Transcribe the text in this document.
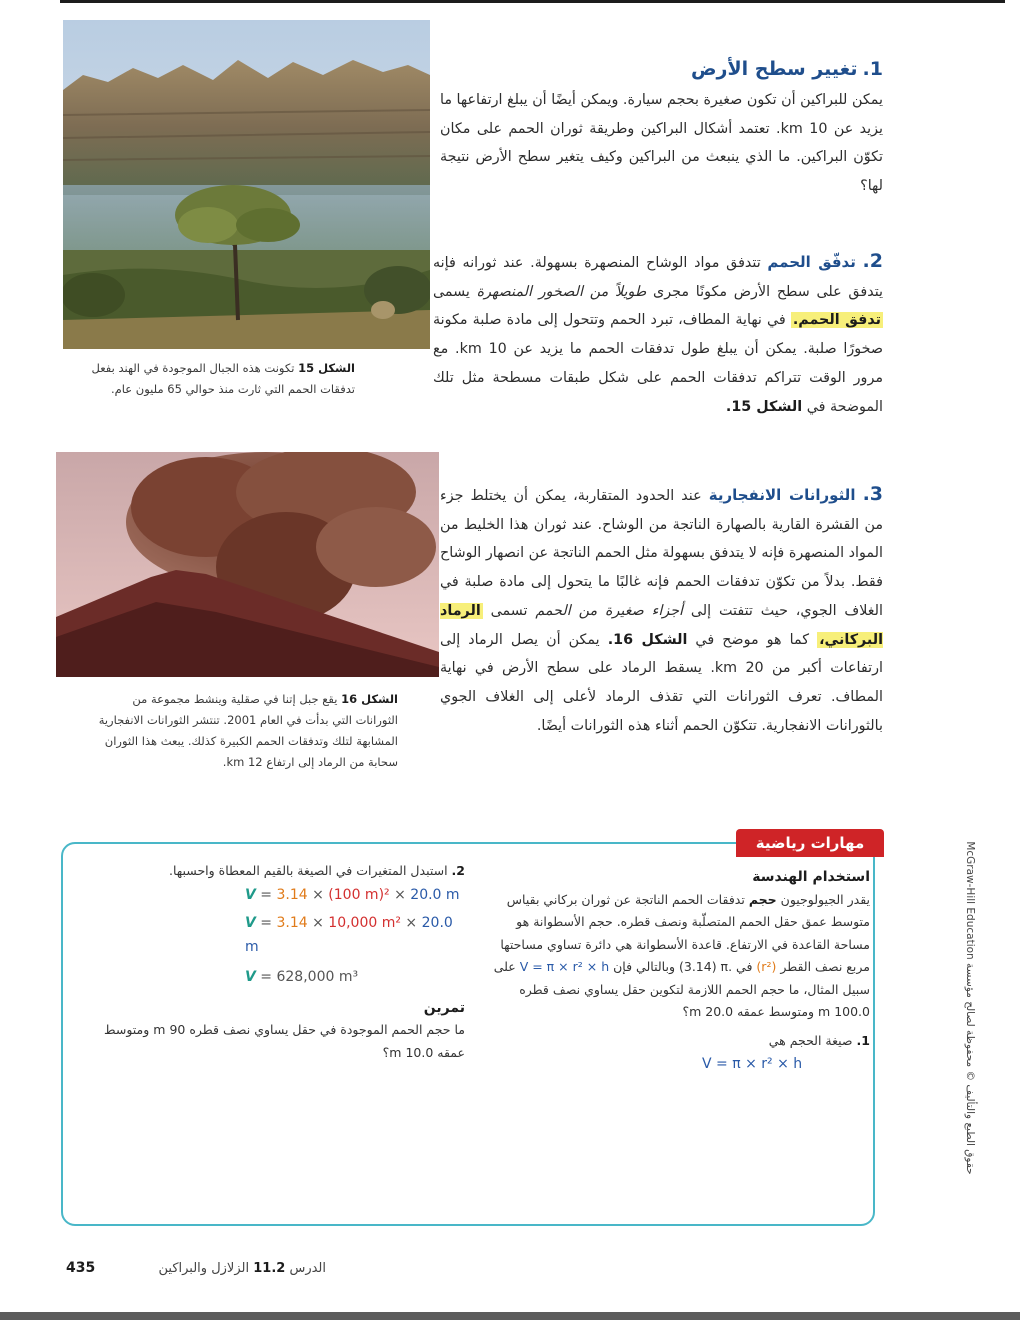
الشكل 15 تكونت هذه الجبال الموجودة في الهند بفعل تدفقات الحمم التي ثارت منذ حوالي 65 مليون عام.
الشكل 16 يقع جبل إتنا في صقلية وينشط مجموعة من الثورانات التي بدأت في العام 2001. تنتشر الثورانات الانفجارية المشابهة لتلك وتدفقات الحمم الكبيرة كذلك. يبعث هذا الثوران سحابة من الرماد إلى ارتفاع 12 km.
1. تغيير سطح الأرض
يمكن للبراكين أن تكون صغيرة بحجم سيارة. ويمكن أيضًا أن يبلغ ارتفاعها ما يزيد عن 10 km. تعتمد أشكال البراكين وطريقة ثوران الحمم على مكان تكوّن البراكين. ما الذي ينبعث من البراكين وكيف يتغير سطح الأرض نتيجة لها؟
2. تدفّق الحمم تتدفق مواد الوشاح المنصهرة بسهولة. عند ثورانه فإنه يتدفق على سطح الأرض مكونًا مجرى طويلاً من الصخور المنصهرة يسمى تدفق الحمم. في نهاية المطاف، تبرد الحمم وتتحول إلى مادة صلبة مكونة صخورًا صلبة. يمكن أن يبلغ طول تدفقات الحمم ما يزيد عن 10 km. مع مرور الوقت تتراكم تدفقات الحمم على شكل طبقات مسطحة مثل تلك الموضحة في الشكل 15.
3. الثورانات الانفجارية عند الحدود المتقاربة، يمكن أن يختلط جزء من القشرة القارية بالصهارة الناتجة من الوشاح. عند ثوران هذا الخليط من المواد المنصهرة فإنه لا يتدفق بسهولة مثل الحمم الناتجة عن انصهار الوشاح فقط. بدلاً من تكوّن تدفقات الحمم فإنه غالبًا ما يتحول إلى مادة صلبة في الغلاف الجوي، حيث تتفتت إلى أجزاء صغيرة من الحمم تسمى الرماد البركاني، كما هو موضح في الشكل 16. يمكن أن يصل الرماد إلى ارتفاعات أكبر من 20 km. يسقط الرماد على سطح الأرض في نهاية المطاف. تعرف الثورانات التي تقذف الرماد لأعلى إلى الغلاف الجوي بالثورانات الانفجارية. تتكوّن الحمم أثناء هذه الثورانات أيضًا.
مهارات رياضية
استخدام الهندسة
يقدر الجيولوجيون حجم تدفقات الحمم الناتجة عن ثوران بركاني بقياس متوسط عمق حقل الحمم المتصلّبة ونصف قطره. حجم الأسطوانة هو مساحة القاعدة في الارتفاع. قاعدة الأسطوانة هي دائرة تساوي مساحتها مربع نصف القطر (r²) في (3.14) π. وبالتالي فإن V = π × r² × h على سبيل المثال، ما حجم الحمم اللازمة لتكوين حقل يساوي نصف قطره 100.0 m ومتوسط عمقه 20.0 m؟
1. صيغة الحجم هي
V = π × r² × h
2. استبدل المتغيرات في الصيغة بالقيم المعطاة واحسبها.
V = 3.14 × (100 m)² × 20.0 m
V = 3.14 × 10,000 m² × 20.0 m
V = 628,000 m³
تمرين
ما حجم الحمم الموجودة في حقل يساوي نصف قطره 90 m ومتوسط عمقه 10.0 m؟
حقوق الطبع والتأليف © محفوظة لصالح مؤسسة McGraw-Hill Education
435	الدرس 11.2 الزلازل والبراكين
